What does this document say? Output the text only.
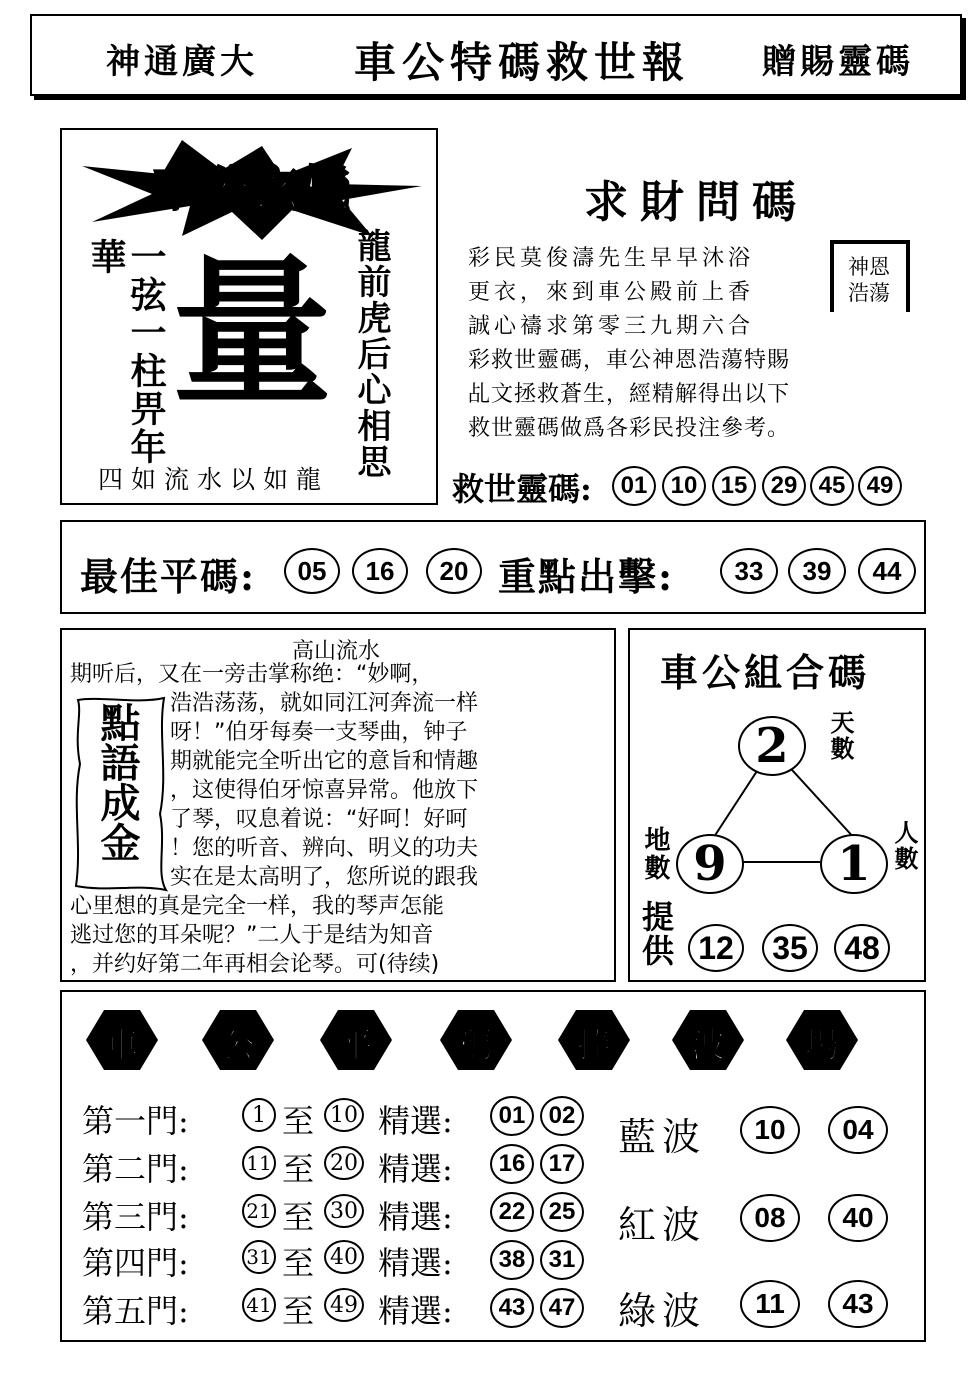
神通廣大 車公特碼救世報 贈賜靈碼
車公玄機
一弦一柱畀年華 量 龍前虎后心相思
四如流水以如龍
求財問碼
神恩浩蕩
彩民莫俊濤先生早早沐浴
更衣，來到車公殿前上香
誠心禱求第零三九期六合
彩救世靈碼，車公神恩浩蕩特賜
乩文拯救蒼生，經精解得出以下
救世靈碼做爲各彩民投注參考。
救世靈碼:	01 10 15 29 45 49
最佳平碼:	05	16	20 重點出擊:	33	39	44
高山流水
期听后，又在一旁击掌称绝：“妙啊，
浩浩荡荡，就如同江河奔流一样
呀！”伯牙每奏一支琴曲，钟子
期就能完全听出它的意旨和情趣
，这使得伯牙惊喜异常。他放下
了琴，叹息着说：“好呵！好呵
！您的听音、辨向、明义的功夫
实在是太高明了，您所说的跟我
心里想的真是完全一样，我的琴声怎能
逃过您的耳朵呢？”二人于是结为知音
，并约好第二年再相会论琴。可(待续)
點語成金
車公組合碼
2
9	1
天數
地數	人數
提供 12	35	48
車 公 平	碼 捧 波 場
第一門:	1 至 10 精選:	01 02
第二門:	11 至 20 精選:	16 17
第三門:	21 至 30 精選:	22 25
第四門:	31 至 40 精選:	38 31
第五門:	41 至 49 精選:	43 47
藍波	10	04
紅波	08	40
綠波	11	43
